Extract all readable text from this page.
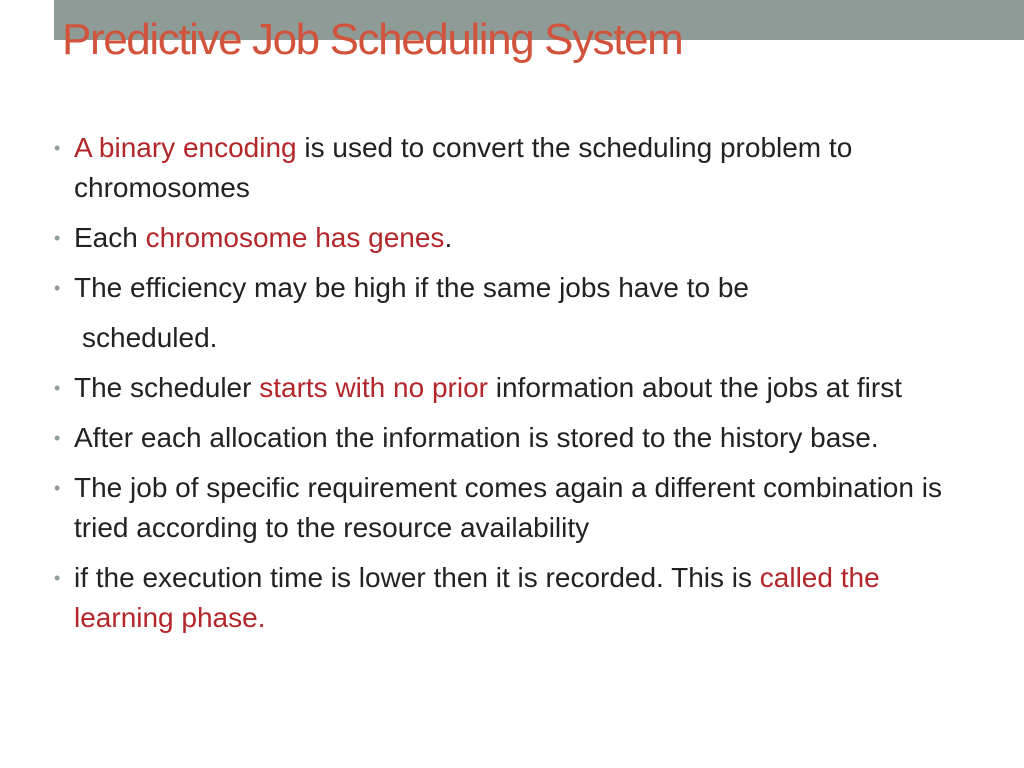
Predictive Job Scheduling System
• A binary encoding is used to convert the scheduling problem to chromosomes
• Each chromosome has genes.
• The efficiency may be high if the same jobs have to be
scheduled.
• The scheduler starts with no prior information about the jobs at first
• After each allocation the information is stored to the history base.
• The job of specific requirement comes again a different combination is tried according to the resource availability
• if the execution time is lower then it is recorded. This is called the learning phase.
